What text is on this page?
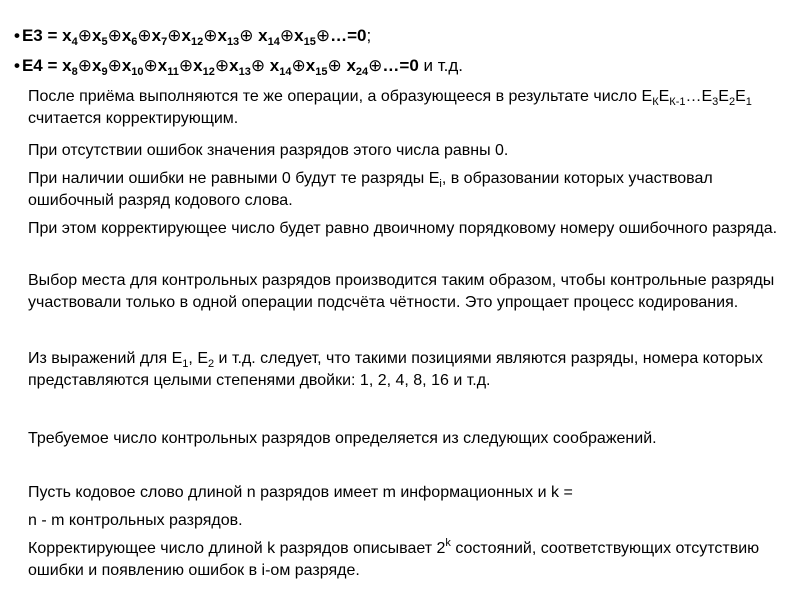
• $E3 = x_4\oplus x_5\oplus x_6\oplus x_7\oplus x_{12}\oplus x_{13}\oplus$ $x_{14}\oplus x_{15}\oplus\dots=0$;
• $E4 = x_8\oplus x_9\oplus x_{10}\oplus x_{11}\oplus x_{12}\oplus x_{13}\oplus$ $x_{14}\oplus x_{15}\oplus$ $x_{24}\oplus\dots=0$ и т.д.
После приёма выполняются те же операции, а образующееся в результате число $Е_КЕ_{К-1}\dots Е_3Е_2Е_1$ считается корректирующим.
При отсутствии ошибок значения разрядов этого числа равны 0.
При наличии ошибки не равными 0 будут те разряды $Е_i$, в образовании которых участвовал ошибочный разряд кодового слова.
При этом корректирующее число будет равно двоичному порядковому номеру ошибочного разряда.
Выбор места для контрольных разрядов производится таким образом, чтобы контрольные разряды участвовали только в одной операции подсчёта чётности. Это упрощает процесс кодирования.
Из выражений для $Е_1$, $Е_2$ и т.д. следует, что такими позициями являются разряды, номера которых представляются целыми степенями двойки: 1, 2, 4, 8, 16 и т.д.
Требуемое число контрольных разрядов определяется из следующих соображений.
Пусть кодовое слово длиной n разрядов имеет m информационных и k =
n - m контрольных разрядов.
Корректирующее число длиной k разрядов описывает 2$^k$ состояний, соответствующих отсутствию ошибки и появлению ошибок в i-ом разряде.
